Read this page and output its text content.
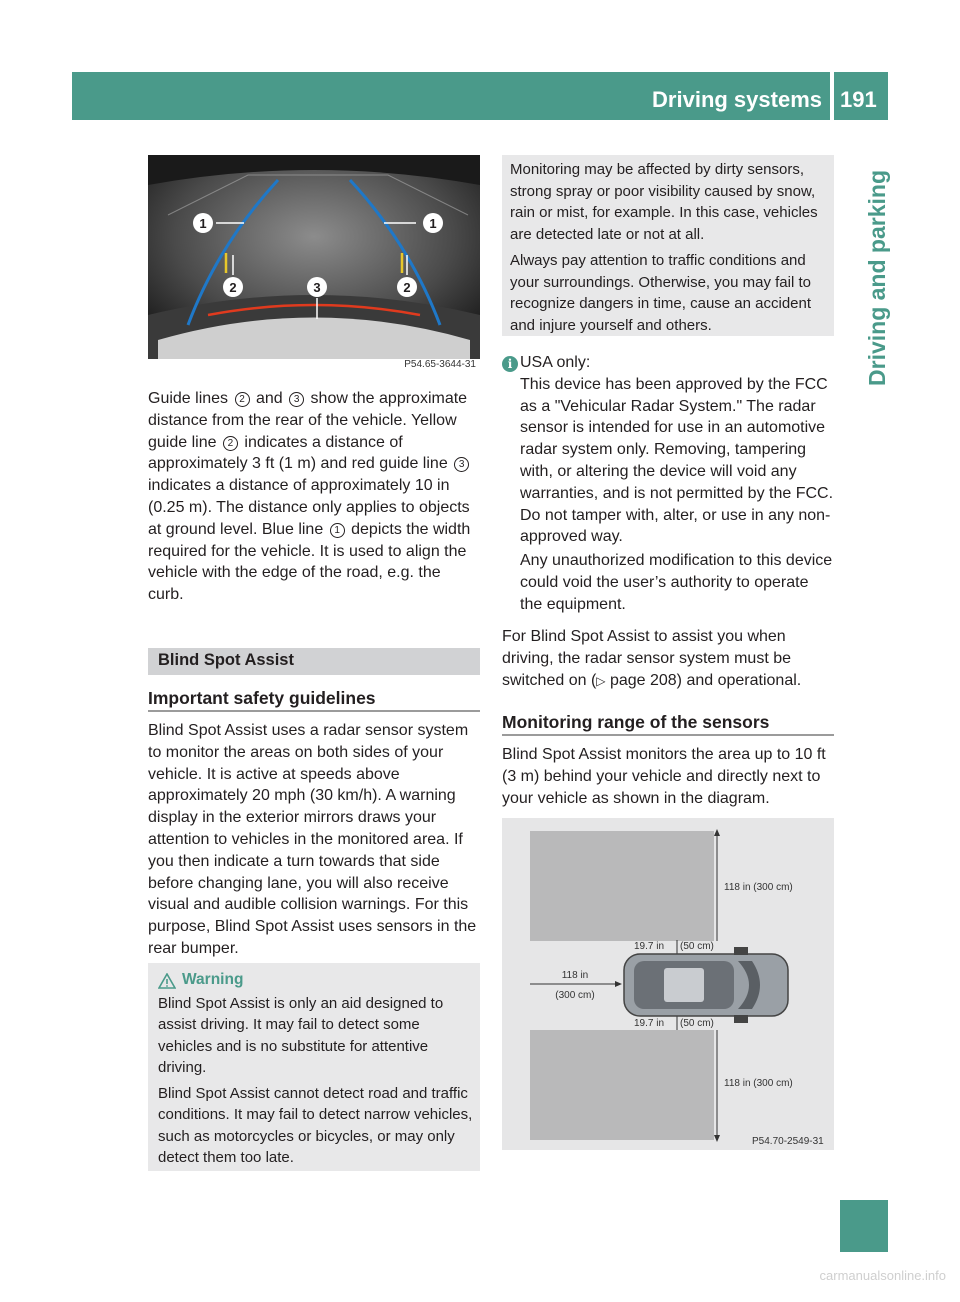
Driving systems 191
Driving and parking
1	1
2	3	2
P54.65-3644-31

Guide lines 2 and 3 show the approximate distance from the rear of the vehicle. Yellow guide line 2 indicates a distance of approximately 3 ft (1 m) and red guide line 3 indicates a distance of approximately 10 in (0.25 m). The distance only applies to objects at ground level. Blue line 1 depicts the width required for the vehicle. It is used to align the vehicle with the edge of the road, e.g. the curb.

Blind Spot Assist
Important safety guidelines

Blind Spot Assist uses a radar sensor system to monitor the areas on both sides of your vehicle. It is active at speeds above approximately 20 mph (30 km/h). A warning display in the exterior mirrors draws your attention to vehicles in the monitored area. If you then indicate a turn towards that side before changing lane, you will also receive visual and audible collision warnings. For this purpose, Blind Spot Assist uses sensors in the rear bumper.

Warning

Blind Spot Assist is only an aid designed to assist driving. It may fail to detect some vehicles and is no substitute for attentive driving.

Blind Spot Assist cannot detect road and traffic conditions. It may fail to detect narrow vehicles, such as motorcycles or bicycles, or may only detect them too late.

Monitoring may be affected by dirty sensors, strong spray or poor visibility caused by snow, rain or mist, for example. In this case, vehicles are detected late or not at all.

Always pay attention to traffic conditions and your surroundings. Otherwise, you may fail to recognize dangers in time, cause an accident and injure yourself and others.

i USA only:

This device has been approved by the FCC as a "Vehicular Radar System." The radar sensor is intended for use in an automotive radar system only. Removing, tampering with, or altering the device will void any warranties, and is not permitted by the FCC. Do not tamper with, alter, or use in any non-approved way.

Any unauthorized modification to this device could void the user’s authority to operate the equipment.

For Blind Spot Assist to assist you when driving, the radar sensor system must be switched on (▷ page 208) and operational.

Monitoring range of the sensors

Blind Spot Assist monitors the area up to 10 ft (3 m) behind your vehicle and directly next to your vehicle as shown in the diagram.

118 in (300 cm)
118 in (300 cm)
19.7 in (50 cm)
19.7 in (50 cm)
118 in
(300 cm)
P54.70-2549-31
carmanualsonline.info
